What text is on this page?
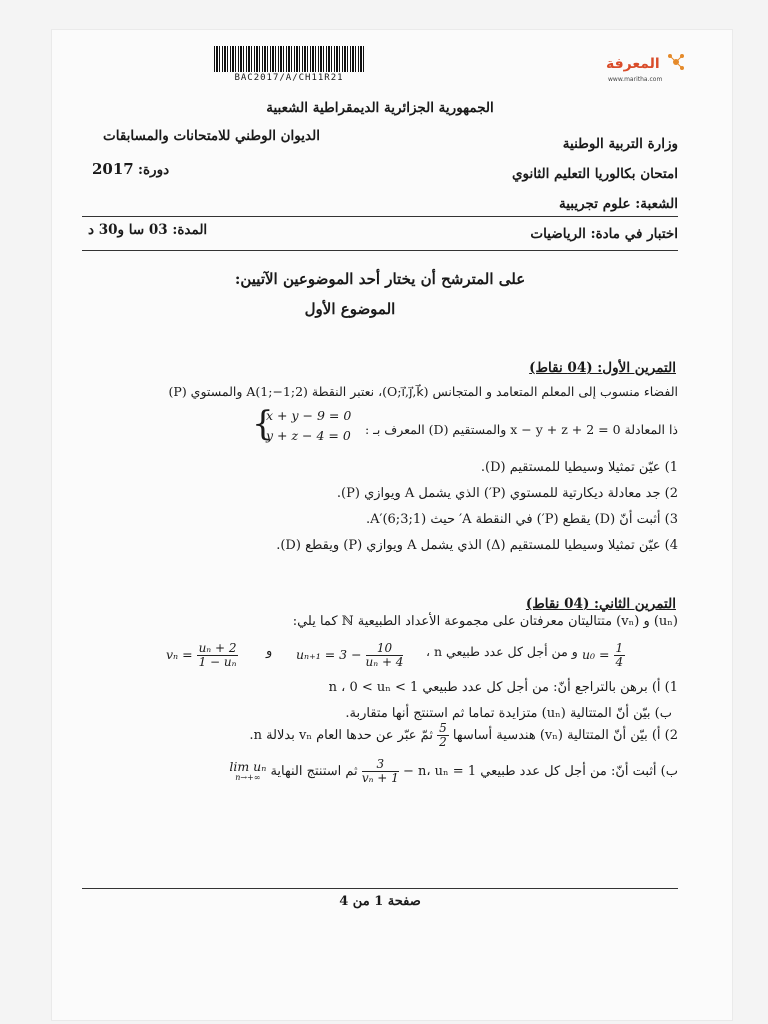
BAC2017/A/CH11R21
المعرفة
www.maritha.com
الجمهورية الجزائرية الديمقراطية الشعبية
وزارة التربية الوطنية
الديوان الوطني للامتحانات والمسابقات
امتحان بكالوريا التعليم الثانوي
2017 دورة:
الشعبة: علوم تجريبية
اختبار في مادة: الرياضيات
المدة: 03 سا و30 د
على المترشح أن يختار أحد الموضوعين الآتيين:
الموضوع الأول
التمرين الأول: (04 نقاط)
الفضاء منسوب إلى المعلم المتعامد و المتجانس (O;i⃗,j⃗,k⃗)، نعتبر النقطة A(1;−1;2) والمستوي (P)
ذا المعادلة x − y + z + 2 = 0 والمستقيم (D) المعرف بـ :
{
x + y − 9 = 0
y + z − 4 = 0
1) عيّن تمثيلا وسيطيا للمستقيم (D).
2) جد معادلة ديكارتية للمستوي (P′) الذي يشمل A ويوازي (P).
3) أثبت أنّ (D) يقطع (P′) في النقطة A′ حيث A′(6;3;1).
4) عيّن تمثيلا وسيطيا للمستقيم (Δ) الذي يشمل A ويوازي (P) ويقطع (D).
التمرين الثاني: (04 نقاط)
(uₙ) و (vₙ) متتاليتان معرفتان على مجموعة الأعداد الطبيعية ℕ كما يلي:
$v_n = \frac{\text{uₙ + 2}}{\text{1 − uₙ}}$ و $u_{n+1} = 3 - \frac{10}{\text{uₙ + 4}}$ و من أجل كل عدد طبيعي n ، $u_0 = \frac{1}{4}$
1) أ) برهن بالتراجع أنّ: من أجل كل عدد طبيعي n ، 0 < uₙ < 1
ب) بيّن أنّ المتتالية (uₙ) متزايدة تماما ثم استنتج أنها متقاربة.
2) أ) بيّن أنّ المتتالية (vₙ) هندسية أساسها
$\frac{5}{2}$
ثمّ عبّر عن حدها العام vₙ بدلالة n.
ب) أثبت أنّ: من أجل كل عدد طبيعي n، uₙ = 1 −
$\frac{3}{\text{vₙ + 1}}$
ثم استنتج النهاية
lim uₙ
n→+∞
صفحة 1 من 4
